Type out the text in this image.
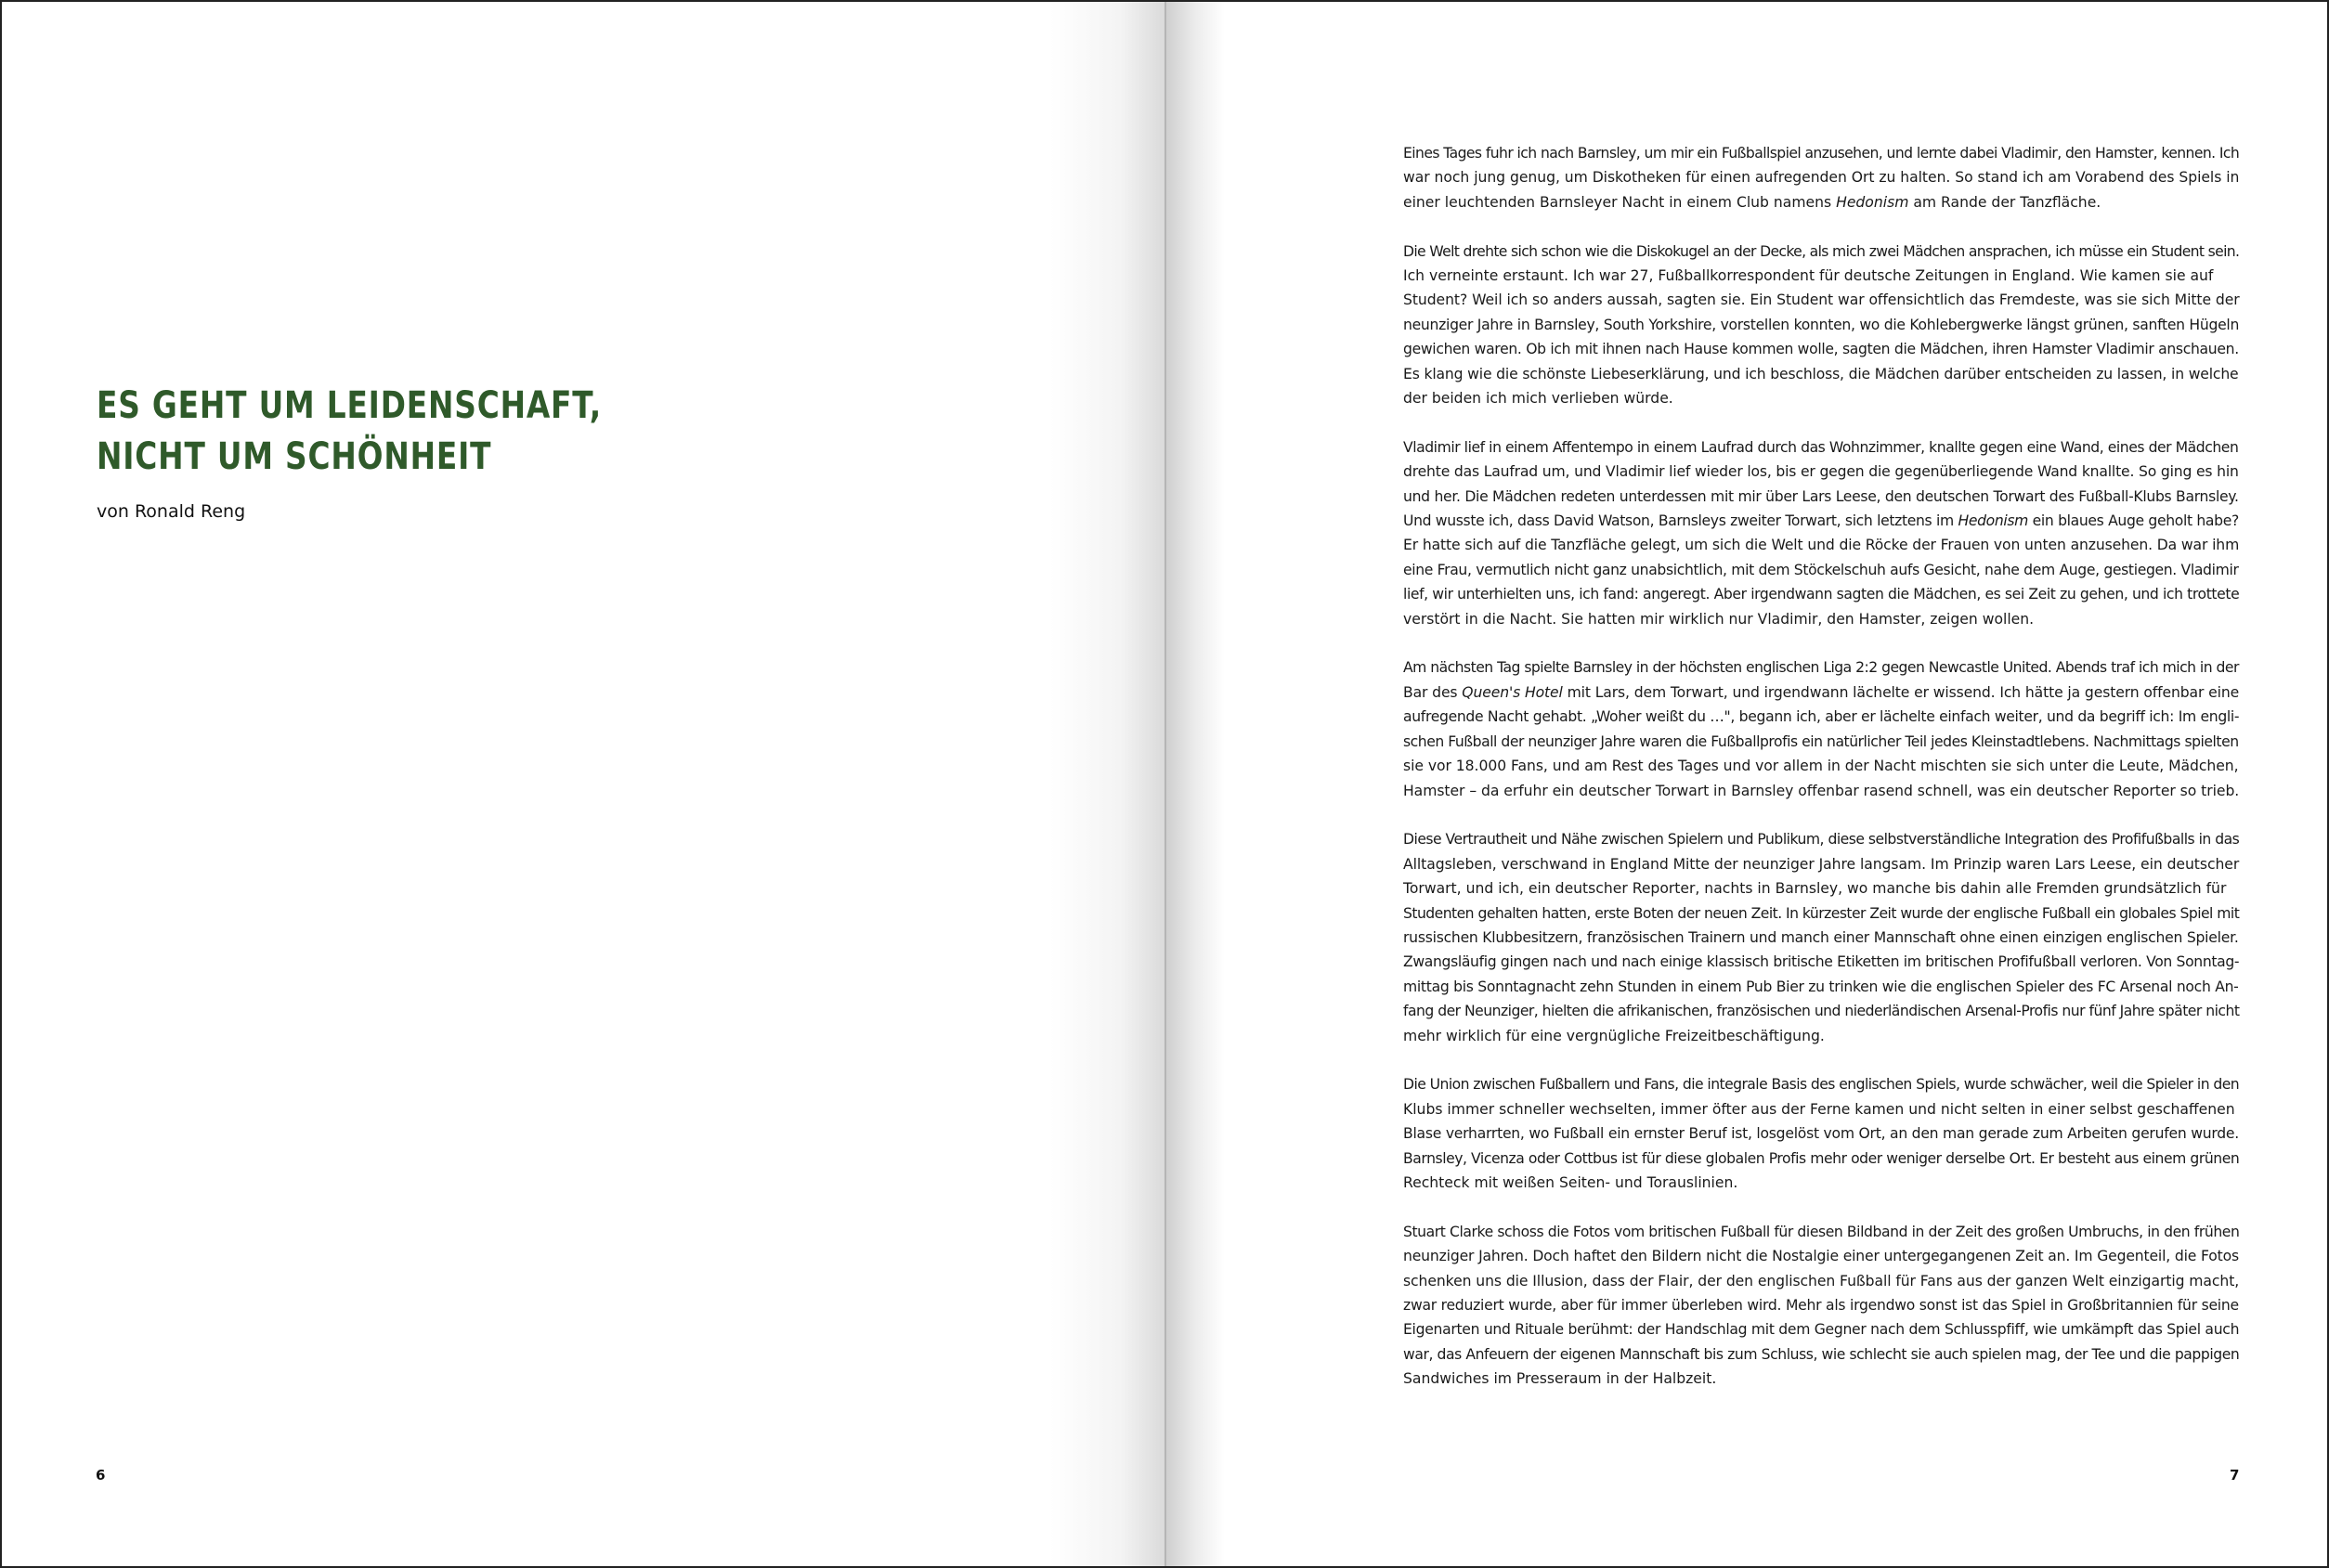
ES GEHT UM LEIDENSCHAFT,
NICHT UM SCHÖNHEIT

von Ronald Reng

6

Eines Tages fuhr ich nach Barnsley, um mir ein Fußballspiel anzusehen, und lernte dabei Vladimir, den Hamster, kennen. Ich
war noch jung genug, um Diskotheken für einen aufregenden Ort zu halten. So stand ich am Vorabend des Spiels in
einer leuchtenden Barnsleyer Nacht in einem Club namens Hedonism am Rande der Tanzfläche.

Die Welt drehte sich schon wie die Diskokugel an der Decke, als mich zwei Mädchen ansprachen, ich müsse ein Student sein.
Ich verneinte erstaunt. Ich war 27, Fußballkorrespondent für deutsche Zeitungen in England. Wie kamen sie auf
Student? Weil ich so anders aussah, sagten sie. Ein Student war offensichtlich das Fremdeste, was sie sich Mitte der
neunziger Jahre in Barnsley, South Yorkshire, vorstellen konnten, wo die Kohlebergwerke längst grünen, sanften Hügeln
gewichen waren. Ob ich mit ihnen nach Hause kommen wolle, sagten die Mädchen, ihren Hamster Vladimir anschauen.
Es klang wie die schönste Liebeserklärung, und ich beschloss, die Mädchen darüber entscheiden zu lassen, in welche
der beiden ich mich verlieben würde.

Vladimir lief in einem Affentempo in einem Laufrad durch das Wohnzimmer, knallte gegen eine Wand, eines der Mädchen
drehte das Laufrad um, und Vladimir lief wieder los, bis er gegen die gegenüberliegende Wand knallte. So ging es hin
und her. Die Mädchen redeten unterdessen mit mir über Lars Leese, den deutschen Torwart des Fußball-Klubs Barnsley.
Und wusste ich, dass David Watson, Barnsleys zweiter Torwart, sich letztens im Hedonism ein blaues Auge geholt habe?
Er hatte sich auf die Tanzfläche gelegt, um sich die Welt und die Röcke der Frauen von unten anzusehen. Da war ihm
eine Frau, vermutlich nicht ganz unabsichtlich, mit dem Stöckelschuh aufs Gesicht, nahe dem Auge, gestiegen. Vladimir
lief, wir unterhielten uns, ich fand: angeregt. Aber irgendwann sagten die Mädchen, es sei Zeit zu gehen, und ich trottete
verstört in die Nacht. Sie hatten mir wirklich nur Vladimir, den Hamster, zeigen wollen.

Am nächsten Tag spielte Barnsley in der höchsten englischen Liga 2:2 gegen Newcastle United. Abends traf ich mich in der
Bar des Queen's Hotel mit Lars, dem Torwart, und irgendwann lächelte er wissend. Ich hätte ja gestern offenbar eine
aufregende Nacht gehabt. „Woher weißt du …", begann ich, aber er lächelte einfach weiter, und da begriff ich: Im engli-
schen Fußball der neunziger Jahre waren die Fußballprofis ein natürlicher Teil jedes Kleinstadtlebens. Nachmittags spielten
sie vor 18.000 Fans, und am Rest des Tages und vor allem in der Nacht mischten sie sich unter die Leute, Mädchen,
Hamster – da erfuhr ein deutscher Torwart in Barnsley offenbar rasend schnell, was ein deutscher Reporter so trieb.

Diese Vertrautheit und Nähe zwischen Spielern und Publikum, diese selbstverständliche Integration des Profifußballs in das
Alltagsleben, verschwand in England Mitte der neunziger Jahre langsam. Im Prinzip waren Lars Leese, ein deutscher
Torwart, und ich, ein deutscher Reporter, nachts in Barnsley, wo manche bis dahin alle Fremden grundsätzlich für
Studenten gehalten hatten, erste Boten der neuen Zeit. In kürzester Zeit wurde der englische Fußball ein globales Spiel mit
russischen Klubbesitzern, französischen Trainern und manch einer Mannschaft ohne einen einzigen englischen Spieler.
Zwangsläufig gingen nach und nach einige klassisch britische Etiketten im britischen Profifußball verloren. Von Sonntag-
mittag bis Sonntagnacht zehn Stunden in einem Pub Bier zu trinken wie die englischen Spieler des FC Arsenal noch An-
fang der Neunziger, hielten die afrikanischen, französischen und niederländischen Arsenal-Profis nur fünf Jahre später nicht
mehr wirklich für eine vergnügliche Freizeitbeschäftigung.

Die Union zwischen Fußballern und Fans, die integrale Basis des englischen Spiels, wurde schwächer, weil die Spieler in den
Klubs immer schneller wechselten, immer öfter aus der Ferne kamen und nicht selten in einer selbst geschaffenen
Blase verharrten, wo Fußball ein ernster Beruf ist, losgelöst vom Ort, an den man gerade zum Arbeiten gerufen wurde.
Barnsley, Vicenza oder Cottbus ist für diese globalen Profis mehr oder weniger derselbe Ort. Er besteht aus einem grünen
Rechteck mit weißen Seiten- und Torauslinien.

Stuart Clarke schoss die Fotos vom britischen Fußball für diesen Bildband in der Zeit des großen Umbruchs, in den frühen
neunziger Jahren. Doch haftet den Bildern nicht die Nostalgie einer untergegangenen Zeit an. Im Gegenteil, die Fotos
schenken uns die Illusion, dass der Flair, der den englischen Fußball für Fans aus der ganzen Welt einzigartig macht,
zwar reduziert wurde, aber für immer überleben wird. Mehr als irgendwo sonst ist das Spiel in Großbritannien für seine
Eigenarten und Rituale berühmt: der Handschlag mit dem Gegner nach dem Schlusspfiff, wie umkämpft das Spiel auch
war, das Anfeuern der eigenen Mannschaft bis zum Schluss, wie schlecht sie auch spielen mag, der Tee und die pappigen
Sandwiches im Presseraum in der Halbzeit.

7
